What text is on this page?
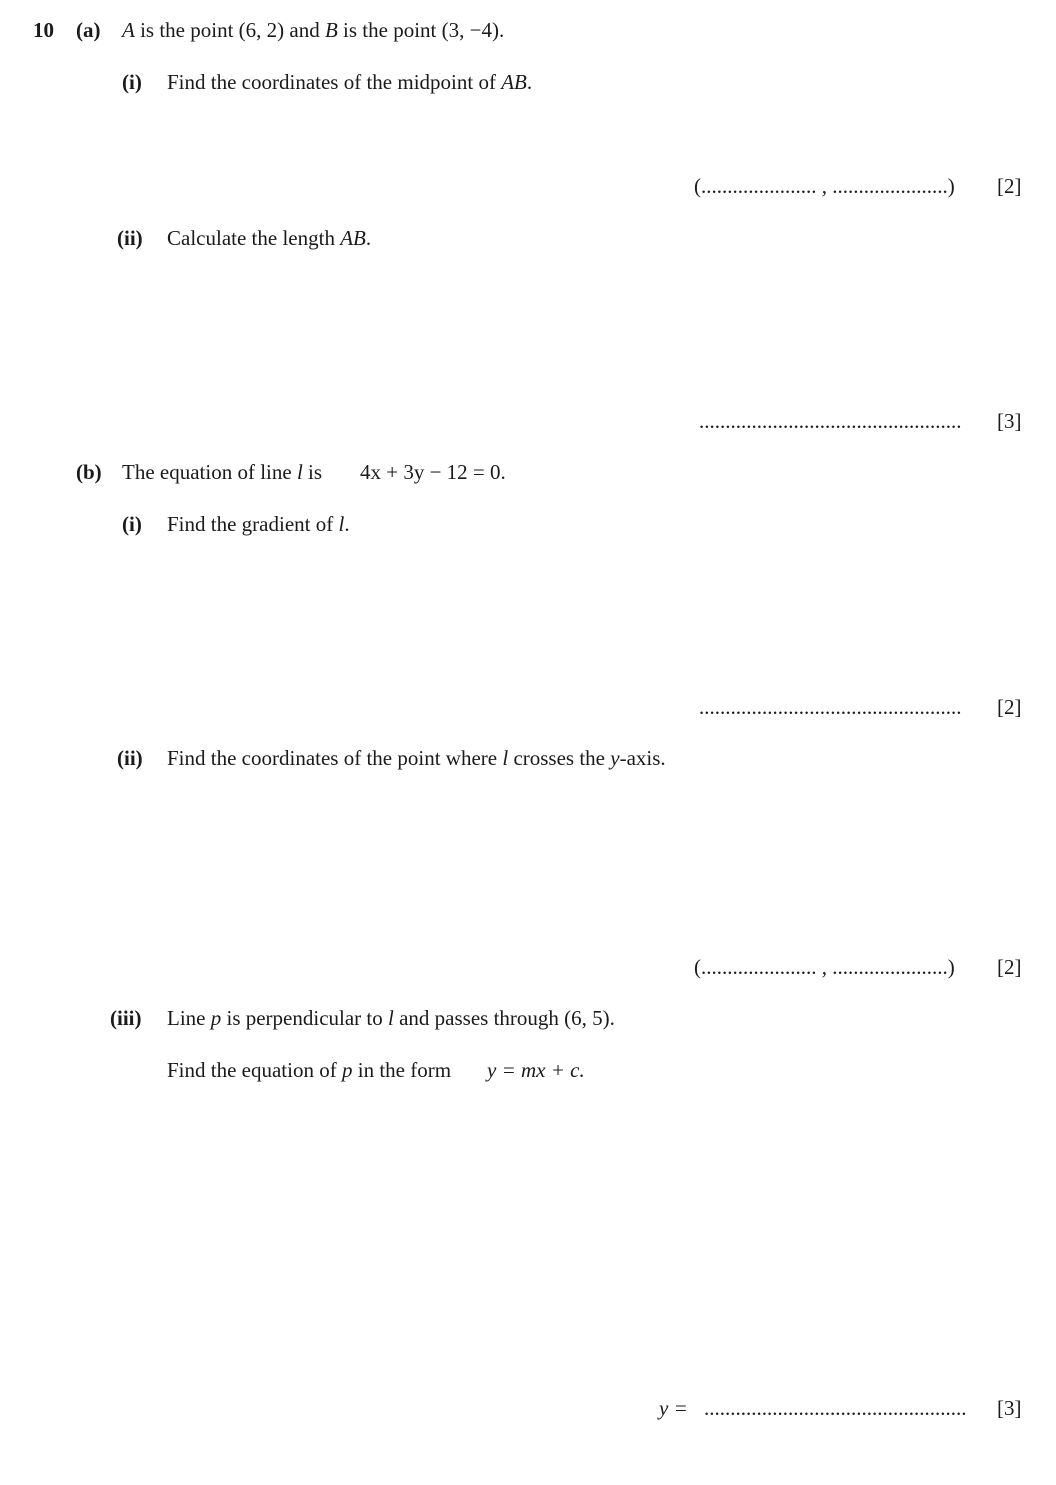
10 (a) A is the point (6, 2) and B is the point (3, −4).
(i) Find the coordinates of the midpoint of AB.
(...................... , ......................) [2]
(ii) Calculate the length AB.
.................................................. [3]
(b) The equation of line l is 4x + 3y − 12 = 0.
(i) Find the gradient of l.
.................................................. [2]
(ii) Find the coordinates of the point where l crosses the y-axis.
(...................... , ......................) [2]
(iii) Line p is perpendicular to l and passes through (6, 5).
Find the equation of p in the form y = mx + c.
y = .................................................. [3]
